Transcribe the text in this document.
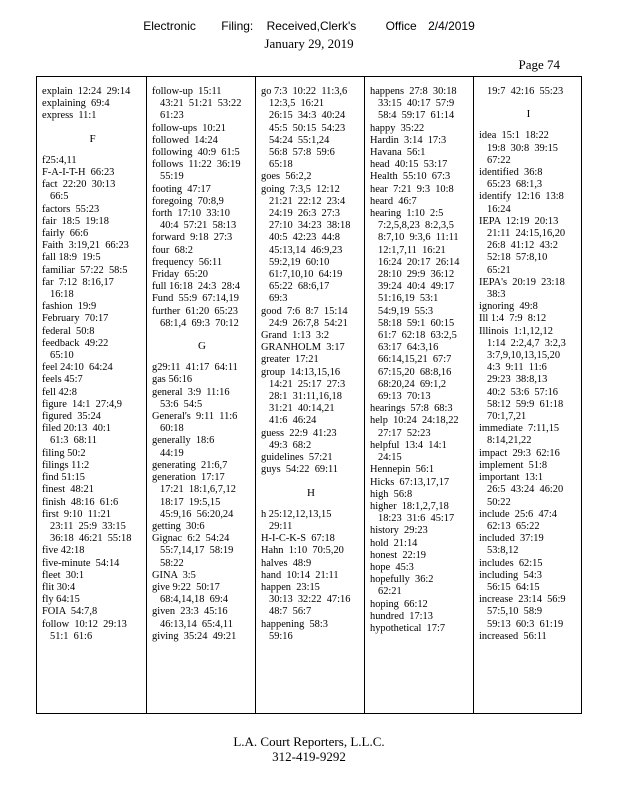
Electronic Filing: Received,Clerk's Office 2/4/2019
January 29, 2019
Page 74
explain  12:24  29:14
explaining  69:4
express  11:1
F
f25:4,11
F-A-I-T-H  66:23
fact  22:20  30:13
66:5
factors  55:23
fair  18:5  19:18
fairly  66:6
Faith  3:19,21  66:23
fall 18:9  19:5
familiar  57:22  58:5
far  7:12  8:16,17
16:18
fashion  19:9
February  70:17
federal  50:8
feedback  49:22
65:10
feel 24:10  64:24
feels 45:7
fell 42:8
figure  14:1  27:4,9
figured  35:24
filed 20:13  40:1
61:3  68:11
filing 50:2
filings 11:2
find 51:15
finest  48:21
finish  48:16  61:6
first  9:10  11:21
23:11  25:9  33:15
36:18  46:21  55:18
five 42:18
five-minute  54:14
fleet  30:1
flit 30:4
fly 64:15
FOIA  54:7,8
follow  10:12  29:13
51:1  61:6
follow-up  15:11
43:21  51:21  53:22
61:23
follow-ups  10:21
followed  14:24
following  40:9  61:5
follows  11:22  36:19
55:19
footing  47:17
foregoing  70:8,9
forth  17:10  33:10
40:4  57:21  58:13
forward  9:18  27:3
four  68:2
frequency  56:11
Friday  65:20
full 16:18  24:3  28:4
Fund  55:9  67:14,19
further  61:20  65:23
68:1,4  69:3  70:12
G
g29:11  41:17  64:11
gas 56:16
general  3:9  11:16
53:6  54:5
General's  9:11  11:6
60:18
generally  18:6
44:19
generating  21:6,7
generation  17:17
17:21  18:1,6,7,12
18:17  19:5,15
45:9,16  56:20,24
getting  30:6
Gignac  6:2  54:24
55:7,14,17  58:19
58:22
GINA  3:5
give 9:22  50:17
68:4,14,18  69:4
given  23:3  45:16
46:13,14  65:4,11
giving  35:24  49:21
go 7:3  10:22  11:3,6
12:3,5  16:21
26:15  34:3  40:24
45:5  50:15  54:23
54:24  55:1,24
56:8  57:8  59:6
65:18
goes  56:2,2
going  7:3,5  12:12
21:21  22:12  23:4
24:19  26:3  27:3
27:10  34:23  38:18
40:5  42:23  44:8
45:13,14  46:9,23
59:2,19  60:10
61:7,10,10  64:19
65:22  68:6,17
69:3
good  7:6  8:7  15:14
24:9  26:7,8  54:21
Grand  1:13  3:2
GRANHOLM  3:17
greater  17:21
group  14:13,15,16
14:21  25:17  27:3
28:1  31:11,16,18
31:21  40:14,21
41:6  46:24
guess  22:9  41:23
49:3  68:2
guidelines  57:21
guys  54:22  69:11
H
h 25:12,12,13,15
29:11
H-I-C-K-S  67:18
Hahn  1:10  70:5,20
halves  48:9
hand  10:14  21:11
happen  23:15
30:13  32:22  47:16
48:7  56:7
happening  58:3
59:16
happens  27:8  30:18
33:15  40:17  57:9
58:4  59:17  61:14
happy  35:22
Hardin  3:14  17:3
Havana  56:1
head  40:15  53:17
Health  55:10  67:3
hear  7:21  9:3  10:8
heard  46:7
hearing  1:10  2:5
7:2,5,8,23  8:2,3,5
8:7,10  9:3,6  11:11
12:1,7,11  16:21
16:24  20:17  26:14
28:10  29:9  36:12
39:24  40:4  49:17
51:16,19  53:1
54:9,19  55:3
58:18  59:1  60:15
61:7  62:18  63:2,5
63:17  64:3,16
66:14,15,21  67:7
67:15,20  68:8,16
68:20,24  69:1,2
69:13  70:13
hearings  57:8  68:3
help  10:24  24:18,22
27:17  52:23
helpful  13:4  14:1
24:15
Hennepin  56:1
Hicks  67:13,17,17
high  56:8
higher  18:1,2,7,18
18:23  31:6  45:17
history  29:23
hold  21:14
honest  22:19
hope  45:3
hopefully  36:2
62:21
hoping  66:12
hundred  17:13
hypothetical  17:7
19:7  42:16  55:23
I
idea  15:1  18:22
19:8  30:8  39:15
67:22
identified  36:8
65:23  68:1,3
identify  12:16  13:8
16:24
IEPA  12:19  20:13
21:11  24:15,16,20
26:8  41:12  43:2
52:18  57:8,10
65:21
IEPA's  20:19  23:18
38:3
ignoring  49:8
Ill 1:4  7:9  8:12
Illinois  1:1,12,12
1:14  2:2,4,7  3:2,3
3:7,9,10,13,15,20
4:3  9:11  11:6
29:23  38:8,13
40:2  53:6  57:16
58:12  59:9  61:18
70:1,7,21
immediate  7:11,15
8:14,21,22
impact  29:3  62:16
implement  51:8
important  13:1
26:5  43:24  46:20
50:22
include  25:6  47:4
62:13  65:22
included  37:19
53:8,12
includes  62:15
including  54:3
56:15  64:15
increase  23:14  56:9
57:5,10  58:9
59:13  60:3  61:19
increased  56:11
L.A. Court Reporters, L.L.C.
312-419-9292
